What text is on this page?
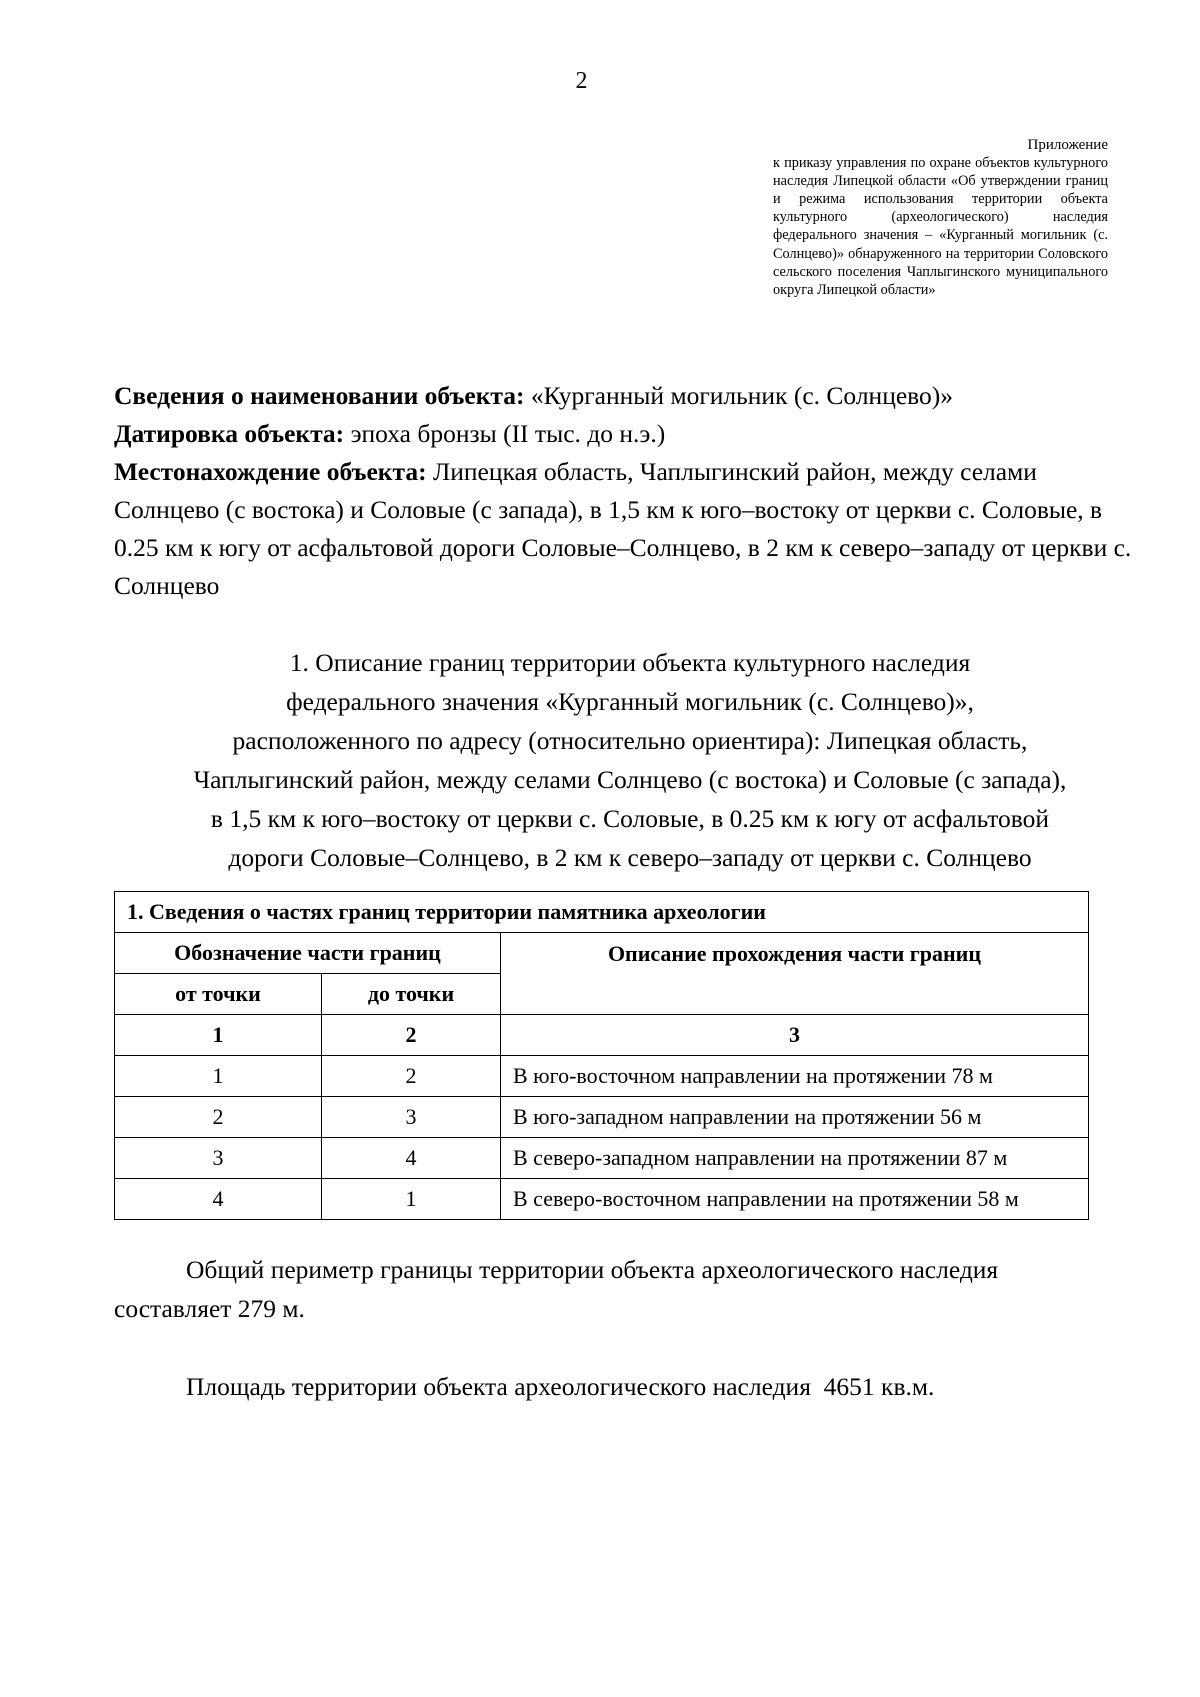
2
Приложение
к приказу управления по охране объектов культурного наследия Липецкой области «Об утверждении границ и режима использования территории объекта культурного (археологического) наследия федерального значения – «Курганный могильник (с. Солнцево)» обнаруженного на территории Соловского сельского поселения Чаплыгинского муниципального округа Липецкой области»

Сведения о наименовании объекта: «Курганный могильник (с. Солнцево)»

Датировка объекта: эпоха бронзы (II тыс. до н.э.)

Местонахождение объекта: Липецкая область, Чаплыгинский район, между селами Солнцево (с востока) и Соловые (с запада), в 1,5 км к юго–востоку от церкви с. Соловые, в 0.25 км к югу от асфальтовой дороги Соловые–Солнцево, в 2 км к северо–западу от церкви с. Солнцево

1. Описание границ территории объекта культурного наследия

федерального значения «Курганный могильник (с. Солнцево)»,

расположенного по адресу (относительно ориентира): Липецкая область,

Чаплыгинский район, между селами Солнцево (с востока) и Соловые (с запада),

в 1,5 км к юго–востоку от церкви с. Соловые, в 0.25 км к югу от асфальтовой

дороги Соловые–Солнцево, в 2 км к северо–западу от церкви с. Солнцево

1. Сведения о частях границ территории памятника археологии		
Обозначение части границ		Описание прохождения части границ
от точки	до точки	
1	2	3
1	2	В юго-восточном направлении на протяжении 78 м
2	3	В юго-западном направлении на протяжении 56 м
3	4	В северо-западном направлении на протяжении 87 м
4	1	В северо-восточном направлении на протяжении 58 м

Общий периметр границы территории объекта археологического наследия составляет 279 м.

Площадь территории объекта археологического наследия  4651 кв.м.
